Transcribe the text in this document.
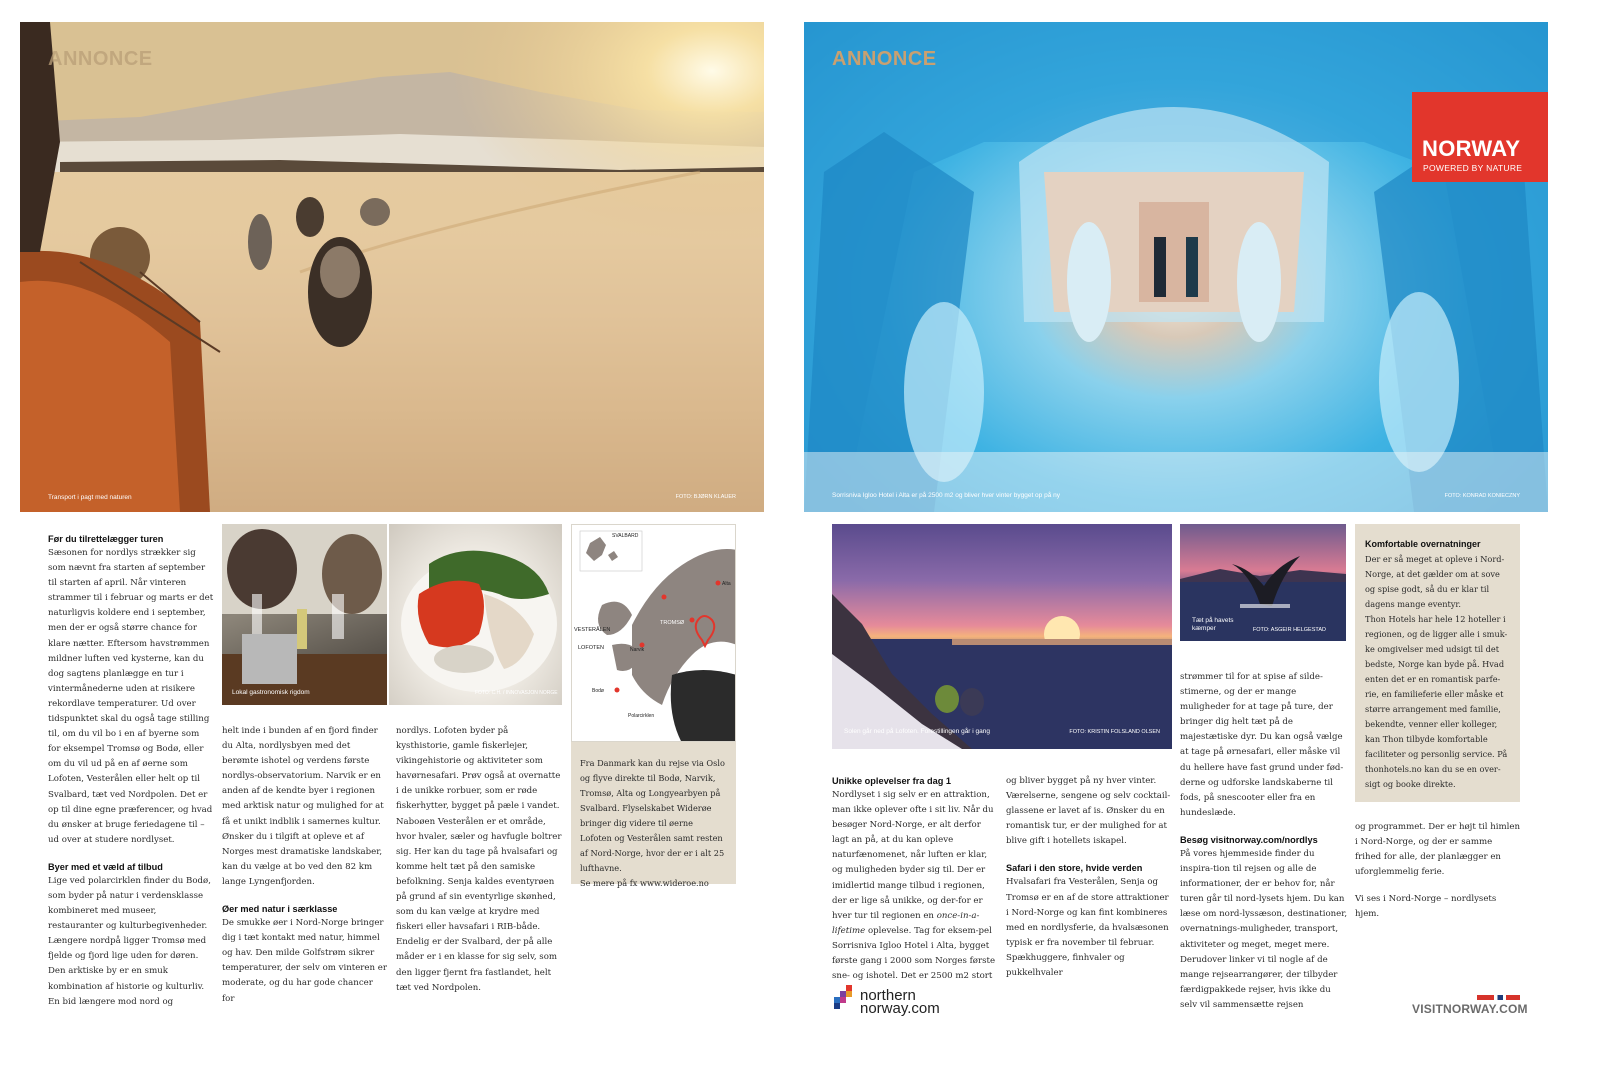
ANNONCE
Transport i pagt med naturen	FOTO: BJØRN KLAUER
Før du tilrettelægger turen

Sæsonen for nordlys strækker sig som nævnt fra starten af september til starten af april. Når vinteren strammer til i februar og marts er det naturligvis koldere end i september, men der er også større chance for klare nætter. Eftersom havstrømmen mildner luften ved kysterne, kan du dog sagtens planlægge en tur i vintermånederne uden at risikere rekordlave temperaturer. Ud over tidspunktet skal du også tage stilling til, om du vil bo i en af byerne som for eksempel Tromsø og Bodø, eller om du vil ud på en af øerne som Lofoten, Vesterålen eller helt op til Svalbard, tæt ved Nordpolen. Det er op til dine egne præferencer, og hvad du ønsker at bruge feriedagene til – ud over at studere nordlyset.

Byer med et væld af tilbud

Lige ved polarcirklen finder du Bodø, som byder på natur i verdensklasse kombineret med museer, restauranter og kulturbegivenheder. Længere nordpå ligger Tromsø med fjelde og fjord lige uden for døren. Den arktiske by er en smuk kombination af historie og kulturliv. En bid længere mod nord og

Lokal gastronomisk rigdom	FOTO: C.H. / INNOVASJON NORGE
SVALBARD
VESTERÅLEN
LOFOTEN
TROMSØ
Alta
Narvik
Bodø
NORDLAND
Polarcirklen

helt inde i bunden af en fjord finder du Alta, nordlysbyen med det berømte ishotel og verdens første nordlys-observatorium. Narvik er en anden af de kendte byer i regionen med arktisk natur og mulighed for at få et unikt indblik i samernes kultur. Ønsker du i tilgift at opleve et af Norges mest dramatiske landskaber, kan du vælge at bo ved den 82 km lange Lyngenfjorden.

Øer med natur i særklasse

De smukke øer i Nord-Norge bringer dig i tæt kontakt med natur, himmel og hav. Den milde Golfstrøm sikrer temperaturer, der selv om vinteren er moderate, og du har gode chancer for

nordlys. Lofoten byder på kysthistorie, gamle fiskerlejer, vikingehistorie og aktiviteter som havørnesafari. Prøv også at overnatte i de unikke rorbuer, som er røde fiskerhytter, bygget på pæle i vandet. Naboøen Vesterålen er et område, hvor hvaler, sæler og havfugle boltrer sig. Her kan du tage på hvalsafari og komme helt tæt på den samiske befolkning. Senja kaldes eventyrøen på grund af sin eventyrlige skønhed, som du kan vælge at krydre med fiskeri eller havsafari i RIB-både. Endelig er der Svalbard, der på alle måder er i en klasse for sig selv, som den ligger fjernt fra fastlandet, helt tæt ved Nordpolen.

Fra Danmark kan du rejse via Oslo og flyve direkte til Bodø, Narvik, Tromsø, Alta og Longyearbyen på Svalbard. Flyselskabet Widerøe bringer dig videre til øerne Lofoten og Vesterålen samt resten af Nord-Norge, hvor der er i alt 25 lufthavne.

Se mere på fx www.wideroe.no

ANNONCE
Sorrisniva Igloo Hotel i Alta er på 2500 m2 og bliver hver vinter bygget op på ny	FOTO: KONRAD KONIECZNY
NORWAY
POWERED BY NATURE
Solen går ned på Lofoten. Forestillingen går i gang	FOTO: KRISTIN FOLSLAND OLSEN
Tæt på havets kæmper	FOTO: ASGEIR HELGESTAD
Komfortable overnatninger

Der er så meget at opleve i Nord-Norge, at det gælder om at sove og spise godt, så du er klar til dagens mange eventyr.

Thon Hotels har hele 12 hoteller i regionen, og de ligger alle i smuk-ke omgivelser med udsigt til det bedste, Norge kan byde på. Hvad enten det er en romantisk parfe-rie, en familieferie eller måske et større arrangement med familie, bekendte, venner eller kolleger, kan Thon tilbyde komfortable faciliteter og personlig service. På thonhotels.no kan du se en over-sigt og booke direkte.

Unikke oplevelser fra dag 1

Nordlyset i sig selv er en attraktion, man ikke oplever ofte i sit liv. Når du besøger Nord-Norge, er alt derfor lagt an på, at du kan opleve naturfænomenet, når luften er klar, og muligheden byder sig til. Der er imidlertid mange tilbud i regionen, der er lige så unikke, og der-for er hver tur til regionen en once-in-a-lifetime oplevelse. Tag for eksem-pel Sorrisniva Igloo Hotel i Alta, bygget første gang i 2000 som Norges første sne- og ishotel. Det er 2500 m2 stort

og bliver bygget på ny hver vinter. Værelserne, sengene og selv cocktail-glassene er lavet af is. Ønsker du en romantisk tur, er der mulighed for at blive gift i hotellets iskapel.

Safari i den store, hvide verden

Hvalsafari fra Vesterålen, Senja og Tromsø er en af de store attraktioner i Nord-Norge og kan fint kombineres med en nordlysferie, da hvalsæsonen typisk er fra november til februar. Spækhuggere, finhvaler og pukkelhvaler

strømmer til for at spise af silde-stimerne, og der er mange muligheder for at tage på ture, der bringer dig helt tæt på de majestætiske dyr. Du kan også vælge at tage på ørnesafari, eller måske vil du hellere have fast grund under fød-derne og udforske landskaberne til fods, på snescooter eller fra en hundeslæde.

Besøg visitnorway.com/nordlys

På vores hjemmeside finder du inspira-tion til rejsen og alle de informationer, der er behov for, når turen går til nord-lysets hjem. Du kan læse om nord-lyssæson, destinationer, overnatnings-muligheder, transport, aktiviteter og meget, meget mere. Derudover linker vi til nogle af de mange rejsearrangører, der tilbyder færdigpakkede rejser, hvis ikke du selv vil sammensætte rejsen

og programmet. Der er højt til himlen i Nord-Norge, og der er samme frihed for alle, der planlægger en uforglemmelig ferie.

Vi ses i Nord-Norge – nordlysets hjem.

northern
norway.com	VISITNORWAY.COM
